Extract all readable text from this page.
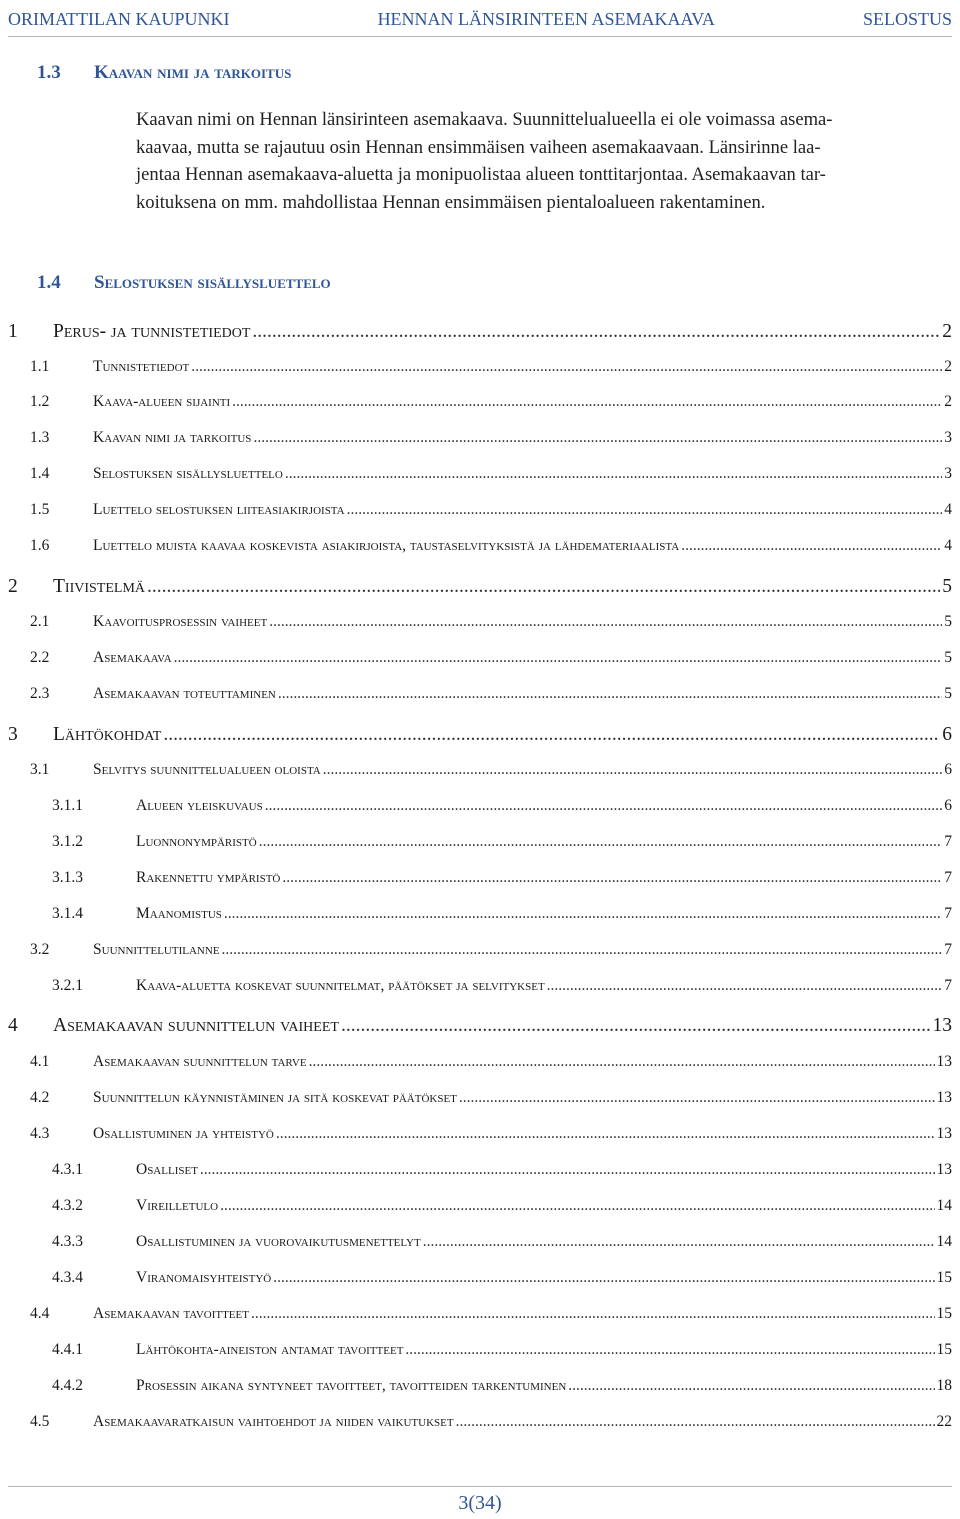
ORIMATTILAN KAUPUNKI	HENNAN LÄNSIRINTEEN ASEMAKAAVA	SELOSTUS
1.3	Kaavan nimi ja tarkoitus
Kaavan nimi on Hennan länsirinteen asemakaava. Suunnittelualueella ei ole voimassa asema-
kaavaa, mutta se rajautuu osin Hennan ensimmäisen vaiheen asemakaavaan. Länsirinne laa-
jentaa Hennan asemakaava-aluetta ja monipuolistaa alueen tonttitarjontaa. Asemakaavan tar-
koituksena on mm. mahdollistaa Hennan ensimmäisen pientaloalueen rakentaminen.
1.4	Selostuksen sisällysluettelo
1	Perus- ja tunnistetiedot .....	2
1.1	Tunnistetiedot .....	2
1.2	Kaava-alueen sijainti .....	2
1.3	Kaavan nimi ja tarkoitus .....	3
1.4	Selostuksen sisällysluettelo .....	3
1.5	Luettelo selostuksen liiteasiakirjoista .....	4
1.6	Luettelo muista kaavaa koskevista asiakirjoista, taustaselvityksistä ja lähdemateriaalista .....	4
2	Tiivistelmä .....	5
2.1	Kaavoitusprosessin vaiheet .....	5
2.2	Asemakaava .....	5
2.3	Asemakaavan toteuttaminen .....	5
3	Lähtökohdat .....	6
3.1	Selvitys suunnittelualueen oloista .....	6
3.1.1	Alueen yleiskuvaus .....	6
3.1.2	Luonnonympäristö .....	7
3.1.3	Rakennettu ympäristö .....	7
3.1.4	Maanomistus .....	7
3.2	Suunnittelutilanne .....	7
3.2.1	Kaava-aluetta koskevat suunnitelmat, päätökset ja selvitykset .....	7
4	Asemakaavan suunnittelun vaiheet .....	13
4.1	Asemakaavan suunnittelun tarve .....	13
4.2	Suunnittelun käynnistäminen ja sitä koskevat päätökset .....	13
4.3	Osallistuminen ja yhteistyö .....	13
4.3.1	Osalliset .....	13
4.3.2	Vireilletulo .....	14
4.3.3	Osallistuminen ja vuorovaikutusmenettelyt .....	14
4.3.4	Viranomaisyhteistyö .....	15
4.4	Asemakaavan tavoitteet .....	15
4.4.1	Lähtökohta-aineiston antamat tavoitteet .....	15
4.4.2	Prosessin aikana syntyneet tavoitteet, tavoitteiden tarkentuminen .....	18
4.5	Asemakaavaratkaisun vaihtoehdot ja niiden vaikutukset .....	22
3(34)
